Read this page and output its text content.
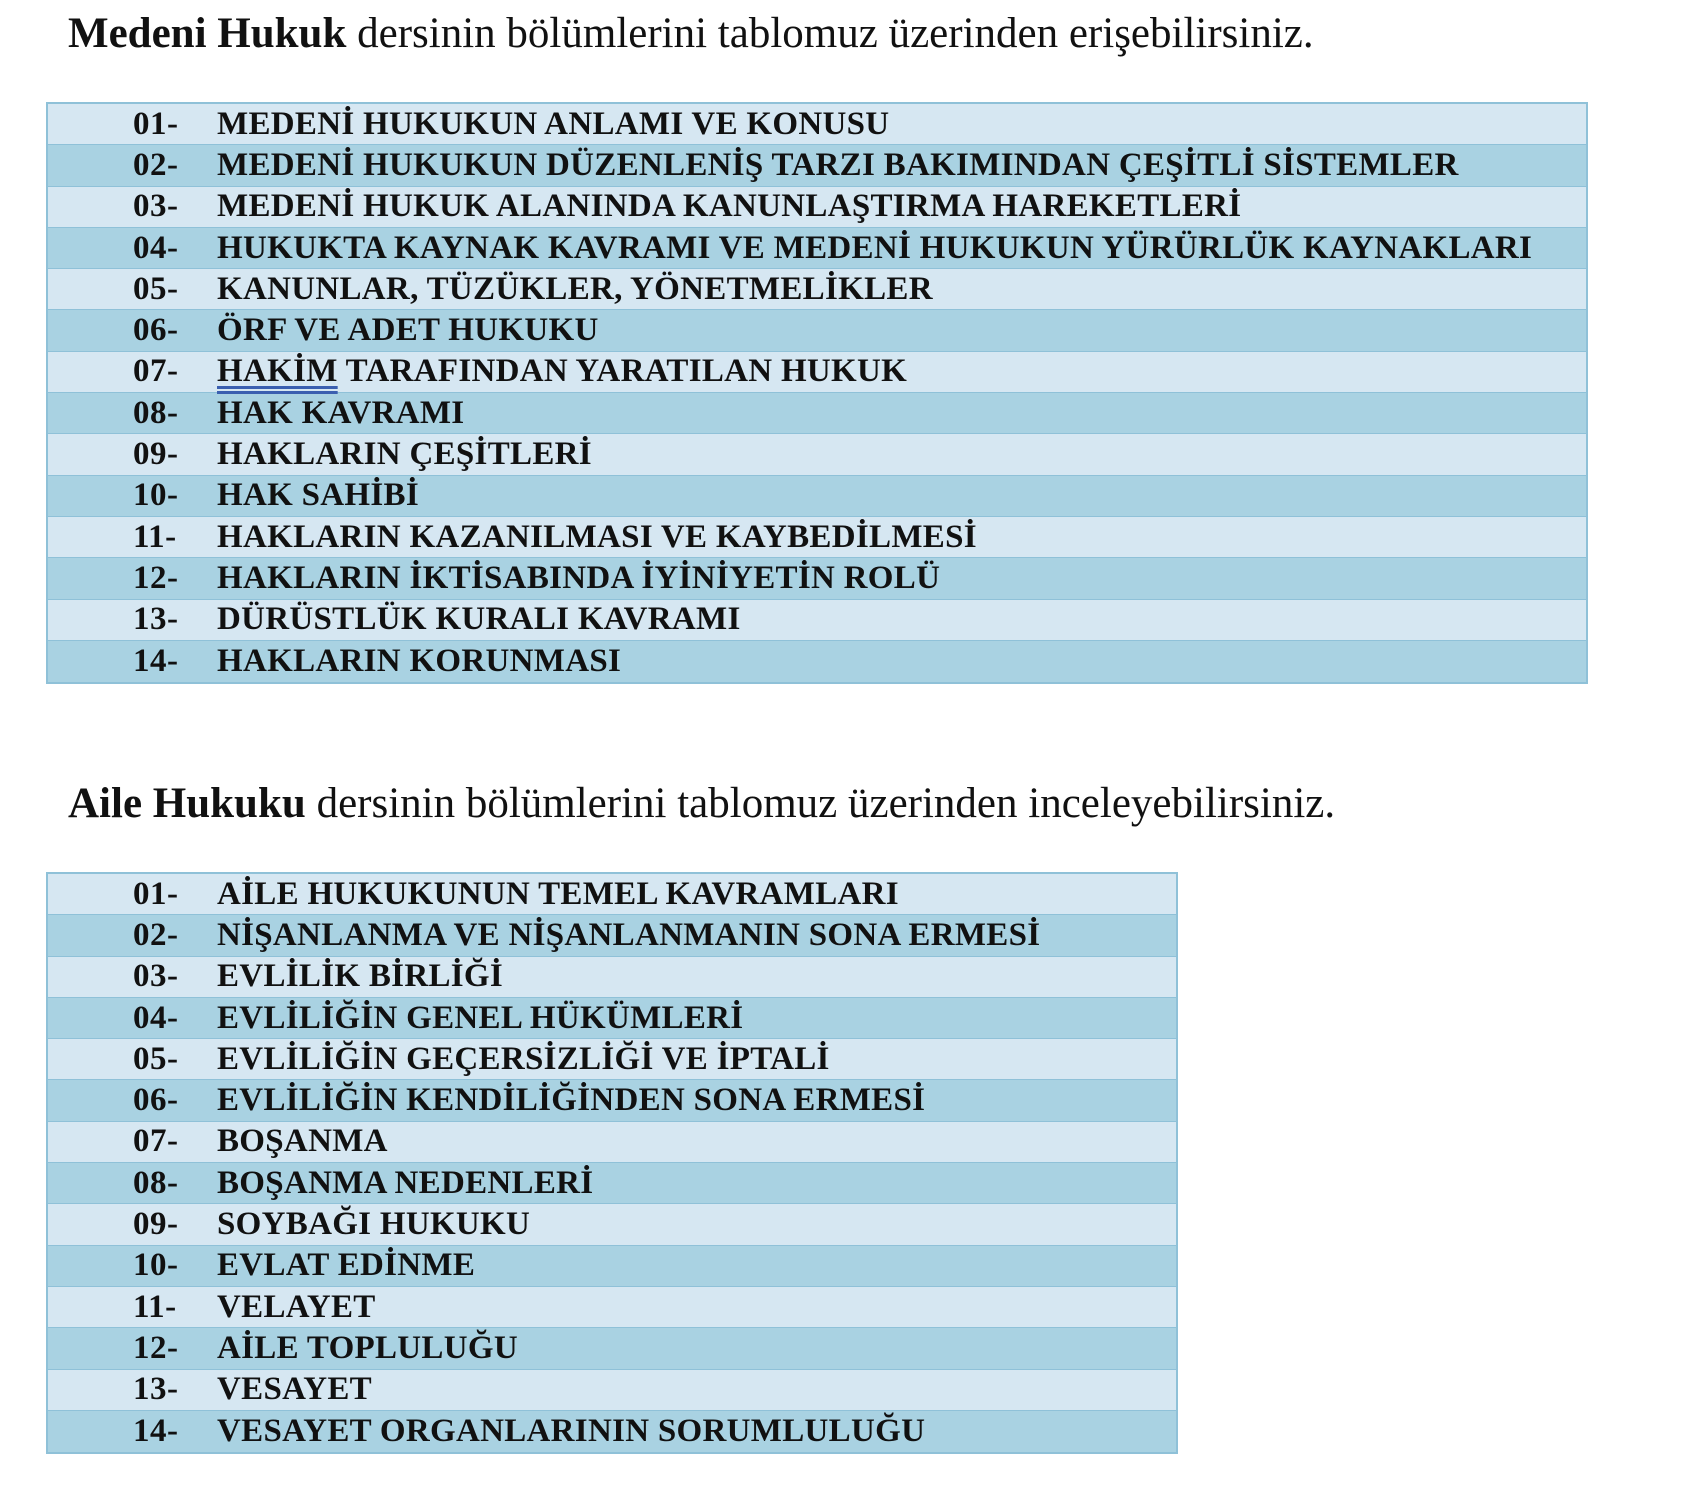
Medeni Hukuk dersinin bölümlerini tablomuz üzerinden erişebilirsiniz.

01-	MEDENİ HUKUKUN ANLAMI VE KONUSU
02-	MEDENİ HUKUKUN DÜZENLENİŞ TARZI BAKIMINDAN ÇEŞİTLİ SİSTEMLER
03-	MEDENİ HUKUK ALANINDA KANUNLAŞTIRMA HAREKETLERİ
04-	HUKUKTA KAYNAK KAVRAMI VE MEDENİ HUKUKUN YÜRÜRLÜK KAYNAKLARI
05-	KANUNLAR, TÜZÜKLER, YÖNETMELİKLER
06-	ÖRF VE ADET HUKUKU
07-	HAKİM TARAFINDAN YARATILAN HUKUK
08-	HAK KAVRAMI
09-	HAKLARIN ÇEŞİTLERİ
10-	HAK SAHİBİ
11-	HAKLARIN KAZANILMASI VE KAYBEDİLMESİ
12-	HAKLARIN İKTİSABINDA İYİNİYETİN ROLÜ
13-	DÜRÜSTLÜK KURALI KAVRAMI
14-	HAKLARIN KORUNMASI

Aile Hukuku dersinin bölümlerini tablomuz üzerinden inceleyebilirsiniz.

01-	AİLE HUKUKUNUN TEMEL KAVRAMLARI
02-	NİŞANLANMA VE NİŞANLANMANIN SONA ERMESİ
03-	EVLİLİK BİRLİĞİ
04-	EVLİLİĞİN GENEL HÜKÜMLERİ
05-	EVLİLİĞİN GEÇERSİZLİĞİ VE İPTALİ
06-	EVLİLİĞİN KENDİLİĞİNDEN SONA ERMESİ
07-	BOŞANMA
08-	BOŞANMA NEDENLERİ
09-	SOYBAĞI HUKUKU
10-	EVLAT EDİNME
11-	VELAYET
12-	AİLE TOPLULUĞU
13-	VESAYET
14-	VESAYET ORGANLARININ SORUMLULUĞU
